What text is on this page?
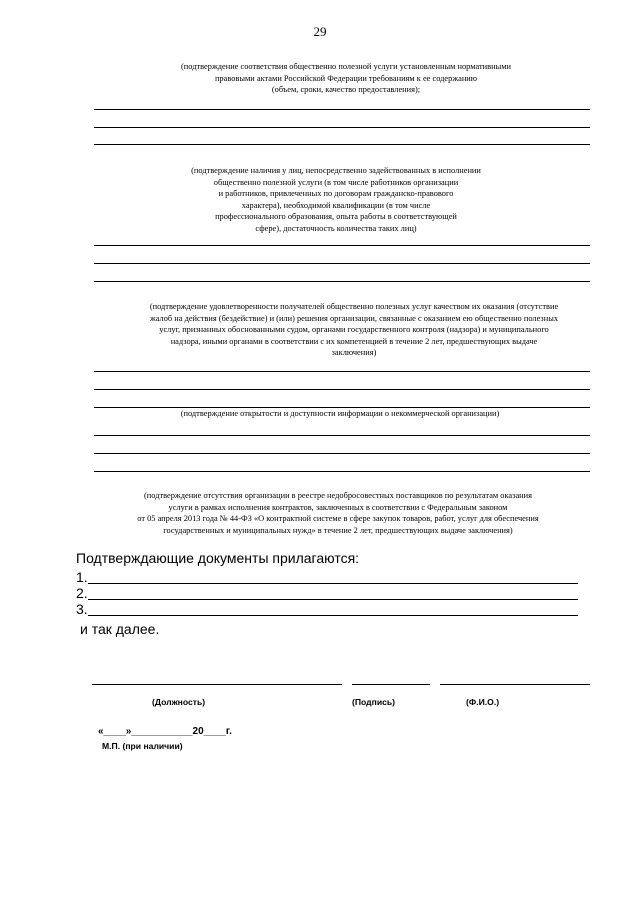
29
(подтверждение соответствия общественно полезной услуги установленным нормативными
правовыми актами Российской Федерации требованиям к ее содержанию
(объем, сроки, качество предоставления);
(подтверждение наличия у лиц, непосредственно задействованных в исполнении
общественно полезной услуги (в том числе работников организации
и работников, привлеченных по договорам гражданско-правового
характера), необходимой квалификации (в том числе
профессионального образования, опыта работы в соответствующей
сфере), достаточность количества таких лиц)
(подтверждение удовлетворенности получателей общественно полезных услуг качеством их оказания (отсутствие
жалоб на действия (бездействие) и (или) решения организации, связанные с оказанием ею общественно полезных
услуг, признанных обоснованными судом, органами государственного контроля (надзора) и муниципального
надзора, иными органами в соответствии с их компетенцией в течение 2 лет, предшествующих выдаче
заключения)
(подтверждение открытости и доступности информации о некоммерческой организации)
(подтверждение отсутствия организации в реестре недобросовестных поставщиков по результатам оказания
услуги в рамках исполнения контрактов, заключенных в соответствии с Федеральным законом
от 05 апреля 2013 года № 44-ФЗ «О контрактной системе в сфере закупок товаров, работ, услуг для обеспечения
государственных и муниципальных нужд» в течение 2 лет, предшествующих выдаче заключения)
Подтверждающие документы прилагаются:
1.
2.
3.
и так далее.
(Должность)	(Подпись)	(Ф.И.О.)
«____»___________20____г.
М.П. (при наличии)
